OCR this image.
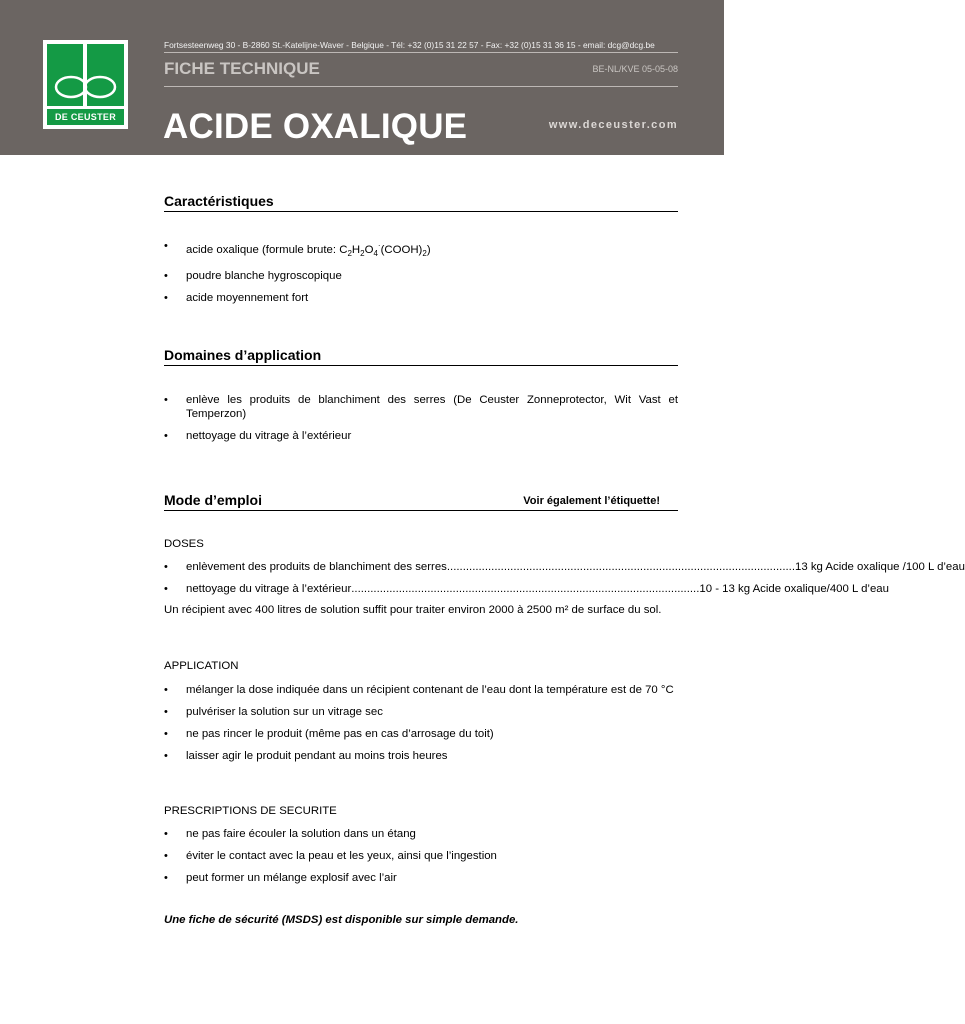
DE CEUSTER
Fortsesteenweg 30 - B-2860 St.-Katelijne-Waver - Belgique - Tél: +32 (0)15 31 22 57 - Fax: +32 (0)15 31 36 15 - email: dcg@dcg.be
FICHE TECHNIQUE	BE-NL/KVE 05-05-08
ACIDE OXALIQUE	www.deceuster.com
Caractéristiques
• acide oxalique (formule brute: $C_2H_2O_4^\cdot(COOH)_2$)
• poudre blanche hygroscopique
• acide moyennement fort
Domaines d’application
• enlève les produits de blanchiment des serres (De Ceuster Zonneprotector, Wit Vast et Temperzon)
• nettoyage du vitrage à l’extérieur
Mode d’emploi	Voir également l’étiquette!
DOSES
• enlèvement des produits de blanchiment des serres .............................................................................................................. 13 kg Acide oxalique /100 L d’eau
• nettoyage du vitrage à l’extérieur .............................................................................................................. 10 - 13 kg Acide oxalique/400 L d’eau
Un récipient avec 400 litres de solution suffit pour traiter environ 2000 à 2500 m² de surface du sol.
APPLICATION
• mélanger la dose indiquée dans un récipient contenant de l’eau dont la température est de 70 °C
• pulvériser la solution sur un vitrage sec
• ne pas rincer le produit (même pas en cas d’arrosage du toit)
• laisser agir le produit pendant au moins trois heures
PRESCRIPTIONS DE SECURITE
• ne pas faire écouler la solution dans un étang
• éviter le contact avec la peau et les yeux, ainsi que l’ingestion
• peut former un mélange explosif avec l’air
Une fiche de sécurité (MSDS) est disponible sur simple demande.
